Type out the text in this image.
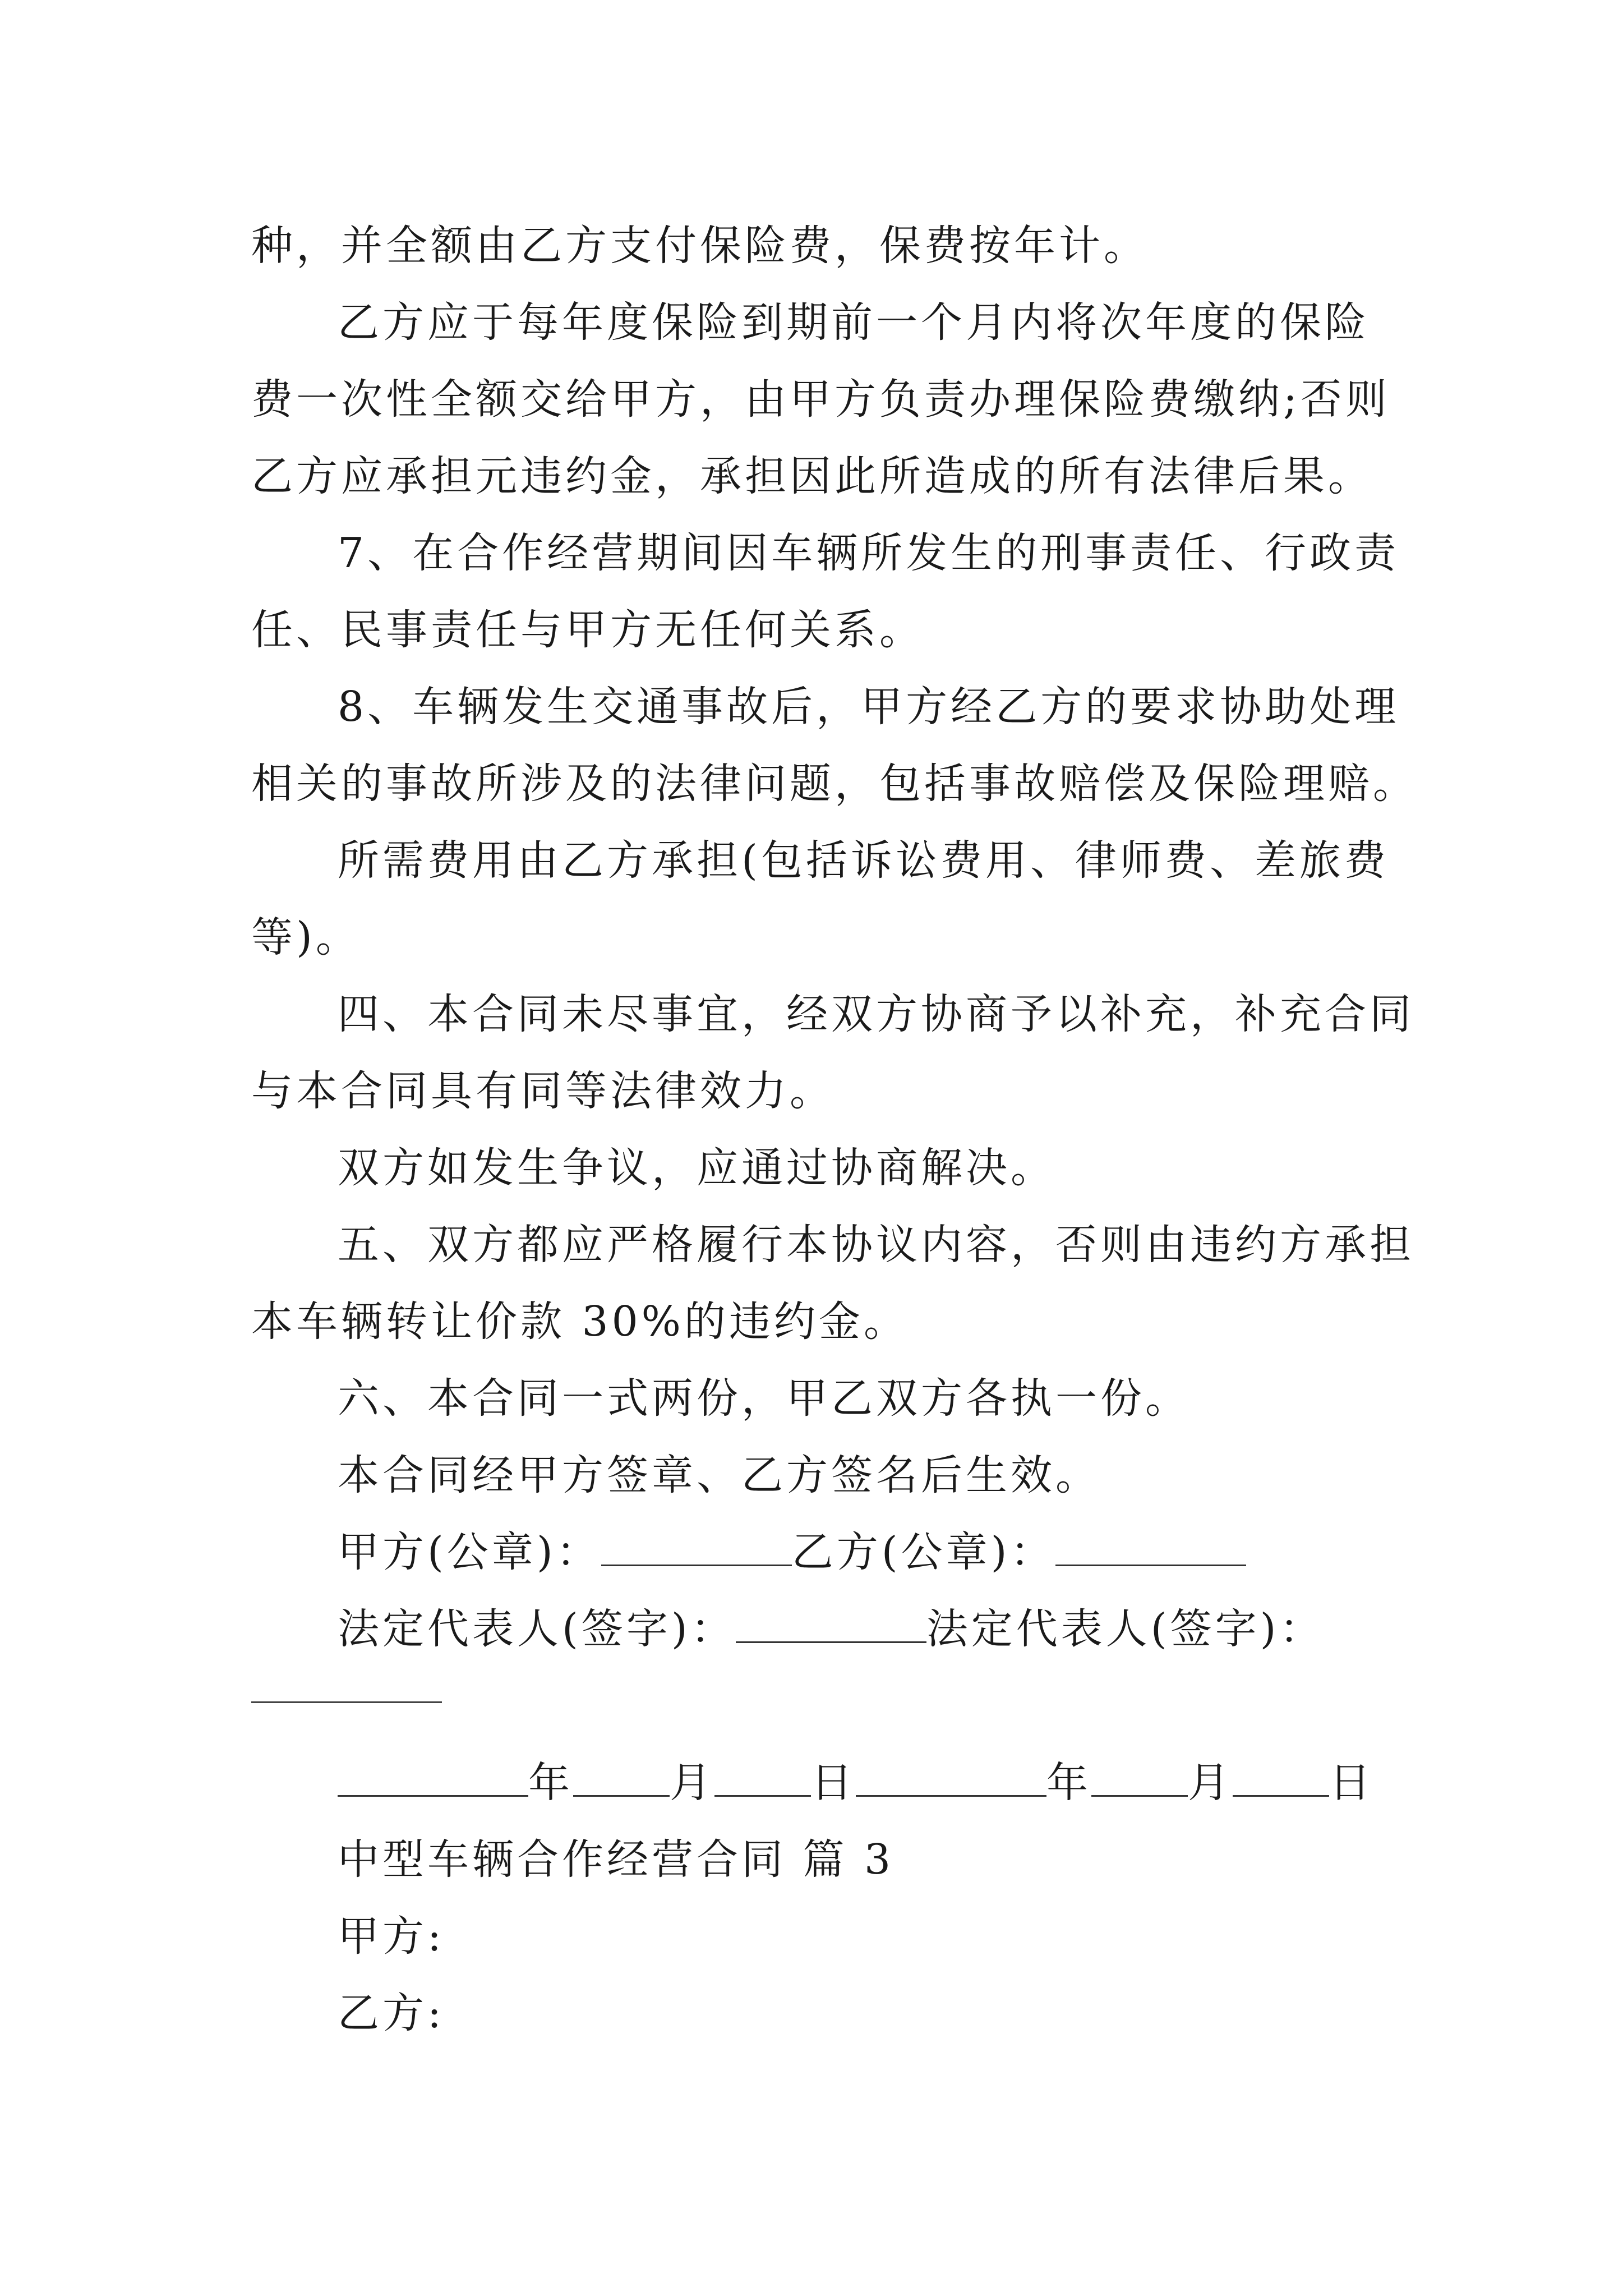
种，并全额由乙方支付保险费，保费按年计。
乙方应于每年度保险到期前一个月内将次年度的保险
费一次性全额交给甲方，由甲方负责办理保险费缴纳;否则
乙方应承担元违约金，承担因此所造成的所有法律后果。
7、在合作经营期间因车辆所发生的刑事责任、行政责
任、民事责任与甲方无任何关系。
8、车辆发生交通事故后，甲方经乙方的要求协助处理
相关的事故所涉及的法律问题，包括事故赔偿及保险理赔。
所需费用由乙方承担(包括诉讼费用、律师费、差旅费
等)。
四、本合同未尽事宜，经双方协商予以补充，补充合同
与本合同具有同等法律效力。
双方如发生争议，应通过协商解决。
五、双方都应严格履行本协议内容，否则由违约方承担
本车辆转让价款 30%的违约金。
六、本合同一式两份，甲乙双方各执一份。
本合同经甲方签章、乙方签名后生效。
甲方(公章)：	乙方(公章)：
法定代表人(签字)：	法定代表人(签字)：
年 月 日	年 月 日
中型车辆合作经营合同 篇 3
甲方:
乙方:
